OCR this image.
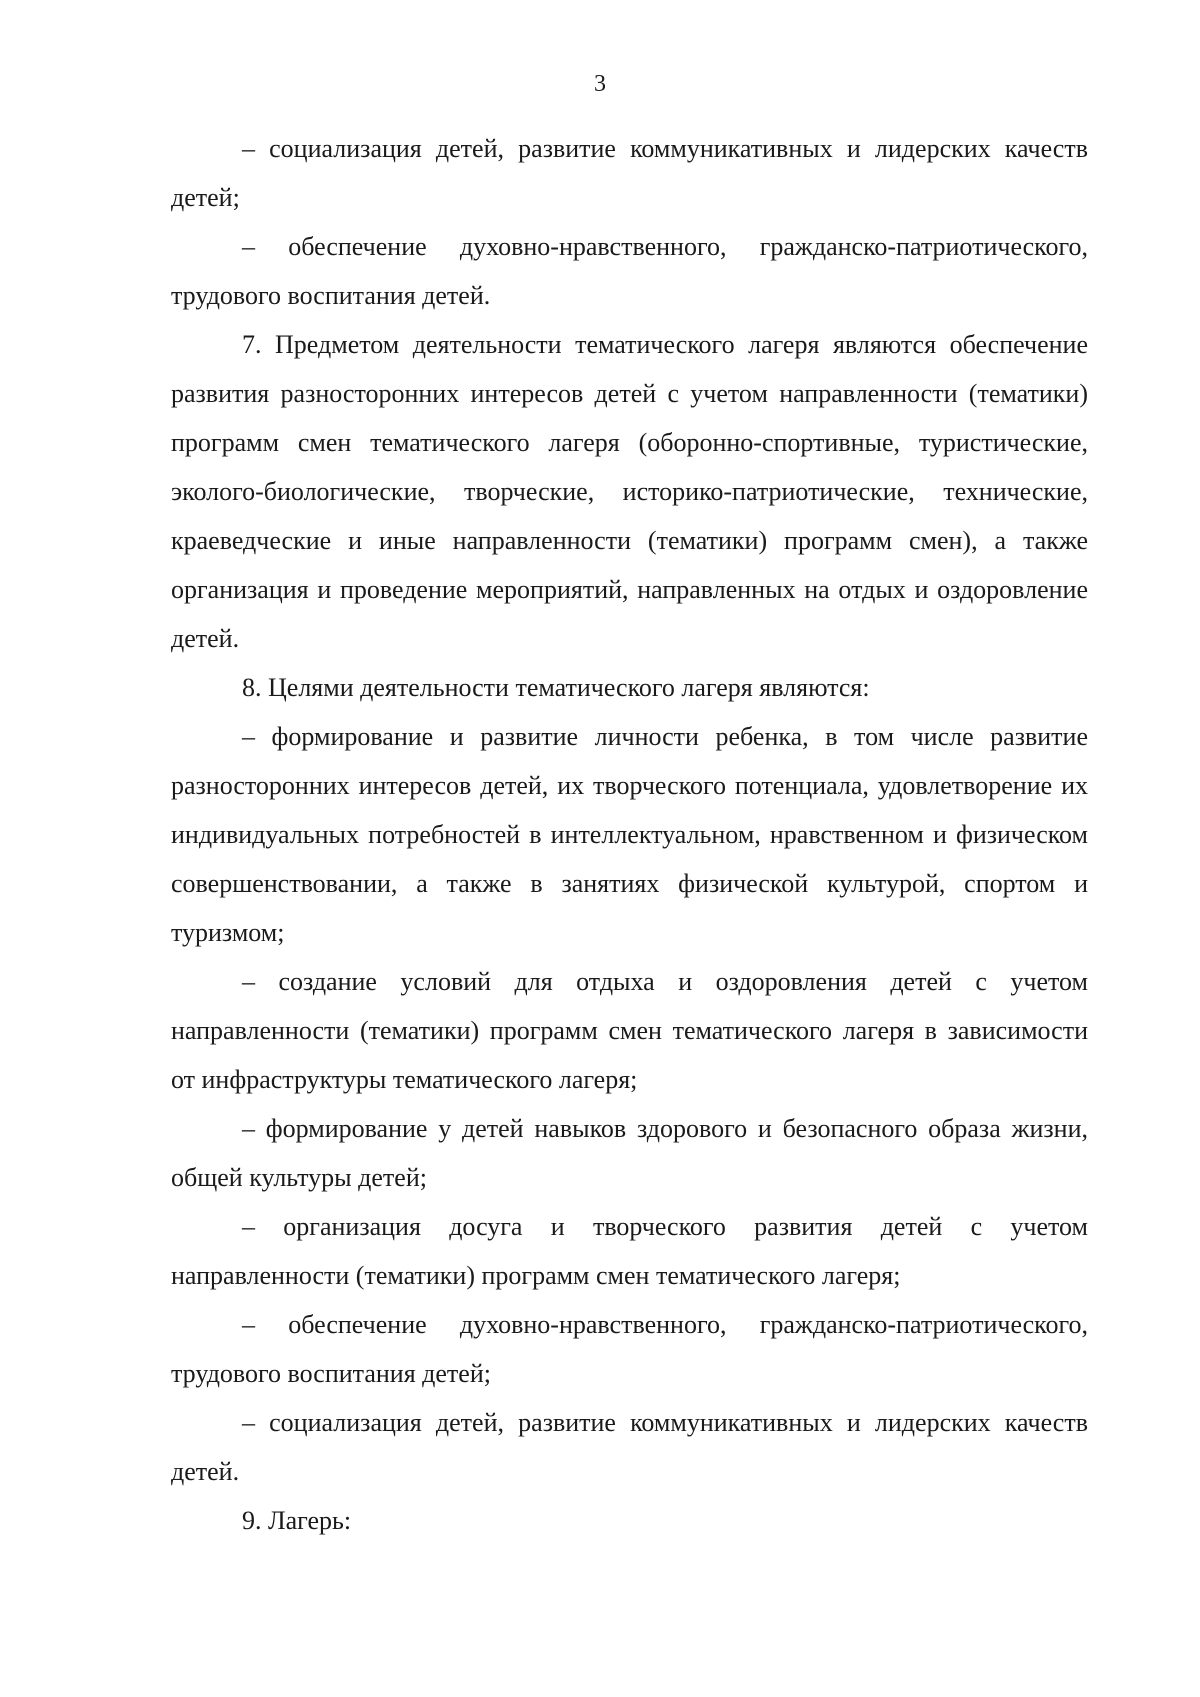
3

– социализация детей, развитие коммуникативных и лидерских качеств детей;

– обеспечение духовно-нравственного, гражданско-патриотического, трудового воспитания детей.

7. Предметом деятельности тематического лагеря являются обеспечение развития разносторонних интересов детей с учетом направленности (тематики) программ смен тематического лагеря (оборонно-спортивные, туристические, эколого-биологические, творческие, историко-патриотические, технические, краеведческие и иные направленности (тематики) программ смен), а также организация и проведение мероприятий, направленных на отдых и оздоровление детей.

8. Целями деятельности тематического лагеря являются:

– формирование и развитие личности ребенка, в том числе развитие разносторонних интересов детей, их творческого потенциала, удовлетворение их индивидуальных потребностей в интеллектуальном, нравственном и физическом совершенствовании, а также в занятиях физической культурой, спортом и туризмом;

– создание условий для отдыха и оздоровления детей с учетом направленности (тематики) программ смен тематического лагеря в зависимости от инфраструктуры тематического лагеря;

– формирование у детей навыков здорового и безопасного образа жизни, общей культуры детей;

– организация досуга и творческого развития детей с учетом направленности (тематики) программ смен тематического лагеря;

– обеспечение духовно-нравственного, гражданско-патриотического, трудового воспитания детей;

– социализация детей, развитие коммуникативных и лидерских качеств детей.

9. Лагерь:
